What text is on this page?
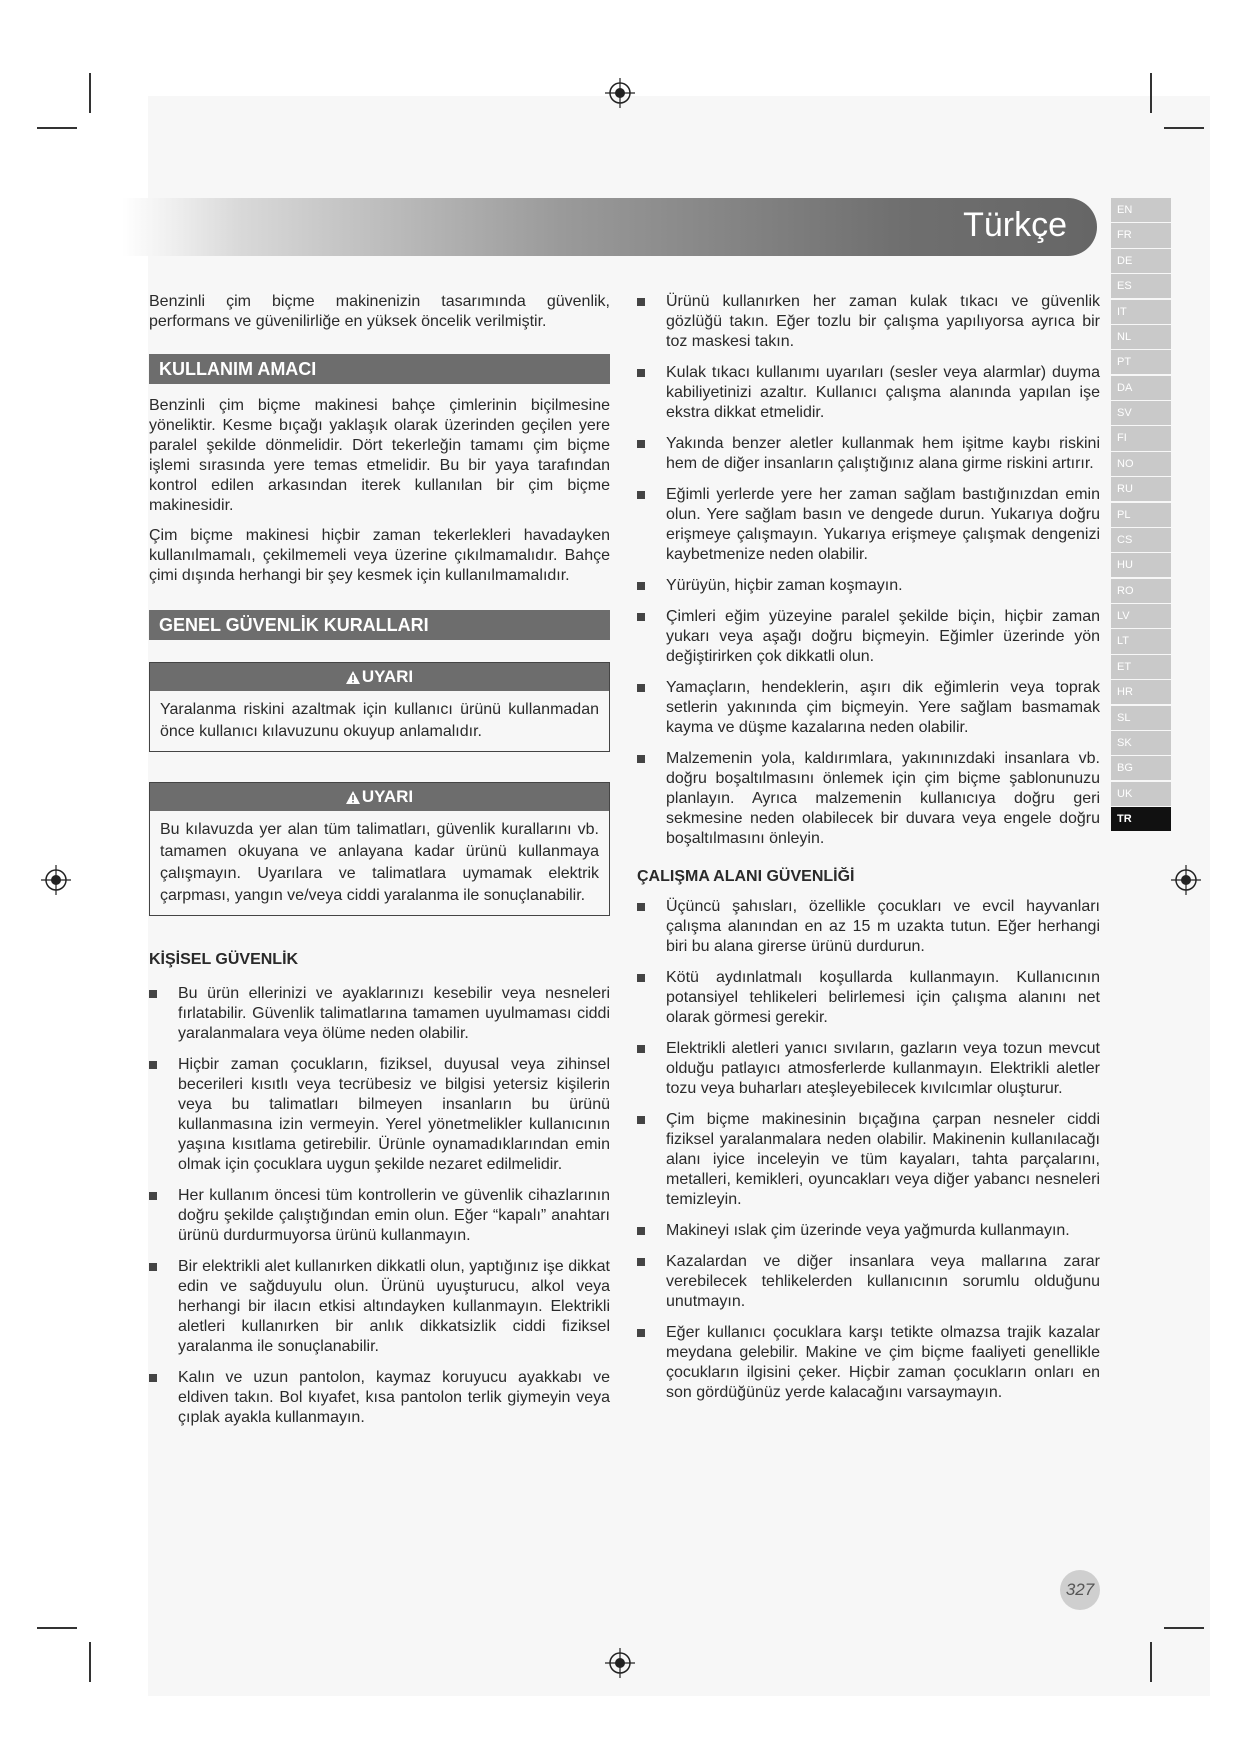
Türkçe	EN
FR
DE
ES
IT
NL
PT
DA
SV
FI
NO
RU
PL
CS
HU
RO
LV
LT
ET
HR
SL
SK
BG
UK
TR

Benzinli çim biçme makinenizin tasarımında güvenlik, performans ve güvenilirliğe en yüksek öncelik verilmiştir.

KULLANIM AMACI

Benzinli çim biçme makinesi bahçe çimlerinin biçilmesine yöneliktir. Kesme bıçağı yaklaşık olarak üzerinden geçilen yere paralel şekilde dönmelidir. Dört tekerleğin tamamı çim biçme işlemi sırasında yere temas etmelidir. Bu bir yaya tarafından kontrol edilen arkasından iterek kullanılan bir çim biçme makinesidir.

Çim biçme makinesi hiçbir zaman tekerlekleri havadayken kullanılmamalı, çekilmemeli veya üzerine çıkılmamalıdır. Bahçe çimi dışında herhangi bir şey kesmek için kullanılmamalıdır.

GENEL GÜVENLİK KURALLARI
UYARI
Yaralanma riskini azaltmak için kullanıcı ürünü kullanmadan önce kullanıcı kılavuzunu okuyup anlamalıdır.
UYARI
Bu kılavuzda yer alan tüm talimatları, güvenlik kurallarını vb. tamamen okuyana ve anlayana kadar ürünü kullanmaya çalışmayın. Uyarılara ve talimatlara uymamak elektrik çarpması, yangın ve/veya ciddi yaralanma ile sonuçlanabilir.
KİŞİSEL GÜVENLİK
Bu ürün ellerinizi ve ayaklarınızı kesebilir veya nesneleri fırlatabilir. Güvenlik talimatlarına tamamen uyulmaması ciddi yaralanmalara veya ölüme neden olabilir.
Hiçbir zaman çocukların, fiziksel, duyusal veya zihinsel becerileri kısıtlı veya tecrübesiz ve bilgisi yetersiz kişilerin veya bu talimatları bilmeyen insanların bu ürünü kullanmasına izin vermeyin. Yerel yönetmelikler kullanıcının yaşına kısıtlama getirebilir. Ürünle oynamadıklarından emin olmak için çocuklara uygun şekilde nezaret edilmelidir.
Her kullanım öncesi tüm kontrollerin ve güvenlik cihazlarının doğru şekilde çalıştığından emin olun. Eğer “kapalı” anahtarı ürünü durdurmuyorsa ürünü kullanmayın.
Bir elektrikli alet kullanırken dikkatli olun, yaptığınız işe dikkat edin ve sağduyulu olun. Ürünü uyuşturucu, alkol veya herhangi bir ilacın etkisi altındayken kullanmayın. Elektrikli aletleri kullanırken bir anlık dikkatsizlik ciddi fiziksel yaralanma ile sonuçlanabilir.
Kalın ve uzun pantolon, kaymaz koruyucu ayakkabı ve eldiven takın. Bol kıyafet, kısa pantolon terlik giymeyin veya çıplak ayakla kullanmayın.
Ürünü kullanırken her zaman kulak tıkacı ve güvenlik gözlüğü takın. Eğer tozlu bir çalışma yapılıyorsa ayrıca bir toz maskesi takın.
Kulak tıkacı kullanımı uyarıları (sesler veya alarmlar) duyma kabiliyetinizi azaltır. Kullanıcı çalışma alanında yapılan işe ekstra dikkat etmelidir.
Yakında benzer aletler kullanmak hem işitme kaybı riskini hem de diğer insanların çalıştığınız alana girme riskini artırır.
Eğimli yerlerde yere her zaman sağlam bastığınızdan emin olun. Yere sağlam basın ve dengede durun. Yukarıya doğru erişmeye çalışmayın. Yukarıya erişmeye çalışmak dengenizi kaybetmenize neden olabilir.
Yürüyün, hiçbir zaman koşmayın.
Çimleri eğim yüzeyine paralel şekilde biçin, hiçbir zaman yukarı veya aşağı doğru biçmeyin. Eğimler üzerinde yön değiştirirken çok dikkatli olun.
Yamaçların, hendeklerin, aşırı dik eğimlerin veya toprak setlerin yakınında çim biçmeyin. Yere sağlam basmamak kayma ve düşme kazalarına neden olabilir.
Malzemenin yola, kaldırımlara, yakınınızdaki insanlara vb. doğru boşaltılmasını önlemek için çim biçme şablonunuzu planlayın. Ayrıca malzemenin kullanıcıya doğru geri sekmesine neden olabilecek bir duvara veya engele doğru boşaltılmasını önleyin.
ÇALIŞMA ALANI GÜVENLİĞİ
Üçüncü şahısları, özellikle çocukları ve evcil hayvanları çalışma alanından en az 15 m uzakta tutun. Eğer herhangi biri bu alana girerse ürünü durdurun.
Kötü aydınlatmalı koşullarda kullanmayın. Kullanıcının potansiyel tehlikeleri belirlemesi için çalışma alanını net olarak görmesi gerekir.
Elektrikli aletleri yanıcı sıvıların, gazların veya tozun mevcut olduğu patlayıcı atmosferlerde kullanmayın. Elektrikli aletler tozu veya buharları ateşleyebilecek kıvılcımlar oluşturur.
Çim biçme makinesinin bıçağına çarpan nesneler ciddi fiziksel yaralanmalara neden olabilir. Makinenin kullanılacağı alanı iyice inceleyin ve tüm kayaları, tahta parçalarını, metalleri, kemikleri, oyuncakları veya diğer yabancı nesneleri temizleyin.
Makineyi ıslak çim üzerinde veya yağmurda kullanmayın.
Kazalardan ve diğer insanlara veya mallarına zarar verebilecek tehlikelerden kullanıcının sorumlu olduğunu unutmayın.
Eğer kullanıcı çocuklara karşı tetikte olmazsa trajik kazalar meydana gelebilir. Makine ve çim biçme faaliyeti genellikle çocukların ilgisini çeker. Hiçbir zaman çocukların onları en son gördüğünüz yerde kalacağını varsaymayın.
327
